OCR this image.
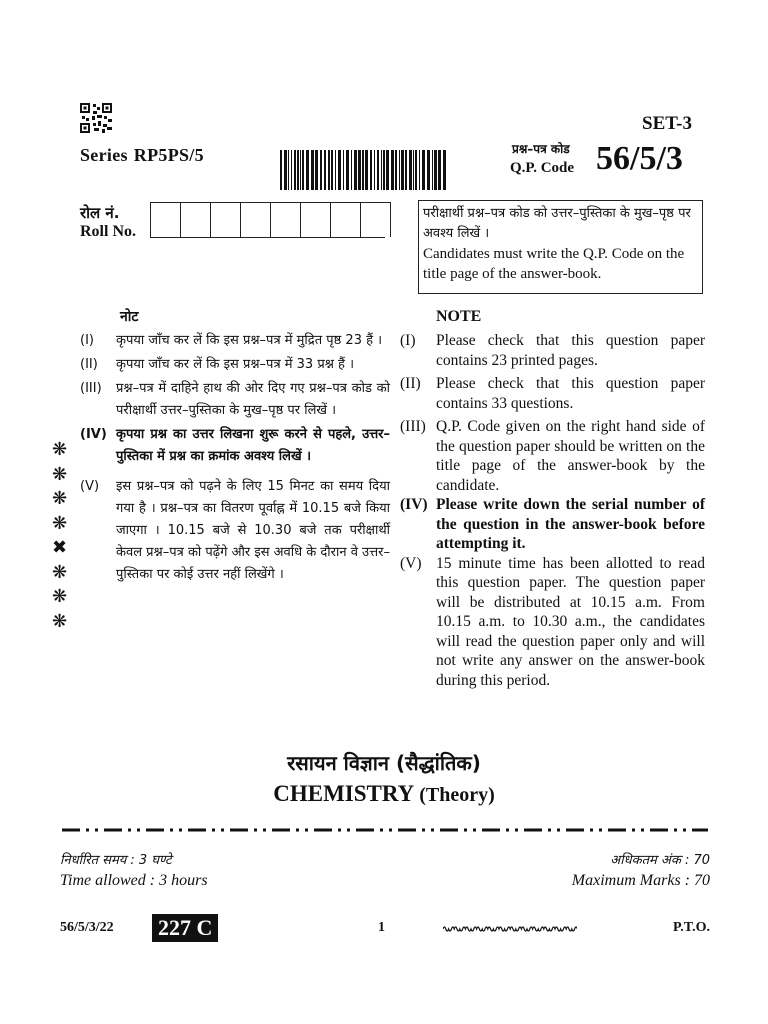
SET-3
Series RP5PS/5	प्रश्न–पत्र कोड
Q.P. Code 56/5/3
रोल नं.
Roll No.
परीक्षार्थी प्रश्न–पत्र कोड को उत्तर–पुस्तिका के मुख–पृष्ठ पर अवश्य लिखें ।
Candidates must write the Q.P. Code on the title page of the answer-book.
नोट	NOTE
(I)	कृपया जाँच कर लें कि इस प्रश्न–पत्र में मुद्रित पृष्ठ 23 हैं ।
(II)	कृपया जाँच कर लें कि इस प्रश्न–पत्र में 33 प्रश्न हैं ।
(III)	प्रश्न–पत्र में दाहिने हाथ की ओर दिए गए प्रश्न–पत्र कोड को परीक्षार्थी उत्तर–पुस्तिका के मुख–पृष्ठ पर लिखें ।
(IV) कृपया प्रश्न का उत्तर लिखना शुरू करने से पहले, उत्तर–पुस्तिका में प्रश्न का क्रमांक अवश्य लिखें ।
(V)	इस प्रश्न–पत्र को पढ़ने के लिए 15 मिनट का समय दिया गया है । प्रश्न–पत्र का वितरण पूर्वाह्न में 10.15 बजे किया जाएगा । 10.15 बजे से 10.30 बजे तक परीक्षार्थी केवल प्रश्न–पत्र को पढ़ेंगे और इस अवधि के दौरान वे उत्तर–पुस्तिका पर कोई उत्तर नहीं लिखेंगे ।
(I)	Please check that this question paper contains 23 printed pages.
(II) Please check that this question paper contains 33 questions.
(III) Q.P. Code given on the right hand side of the question paper should be written on the title page of the answer-book by the candidate.
(IV) Please write down the serial number of the question in the answer-book before attempting it.
(V) 15 minute time has been allotted to read this question paper. The question paper will be distributed at 10.15 a.m. From 10.15 a.m. to 10.30 a.m., the candidates will read the question paper only and will not write any answer on the answer-book during this period.
❋
❋
❋
❋
✖
❋
❋
❋
रसायन विज्ञान (सैद्धांतिक)
CHEMISTRY (Theory)
निर्धारित समय : 3 घण्टे
Time allowed : 3 hours
अधिकतम अंक : 70
Maximum Marks : 70
56/5/3/22 227 C	1	P.T.O.
